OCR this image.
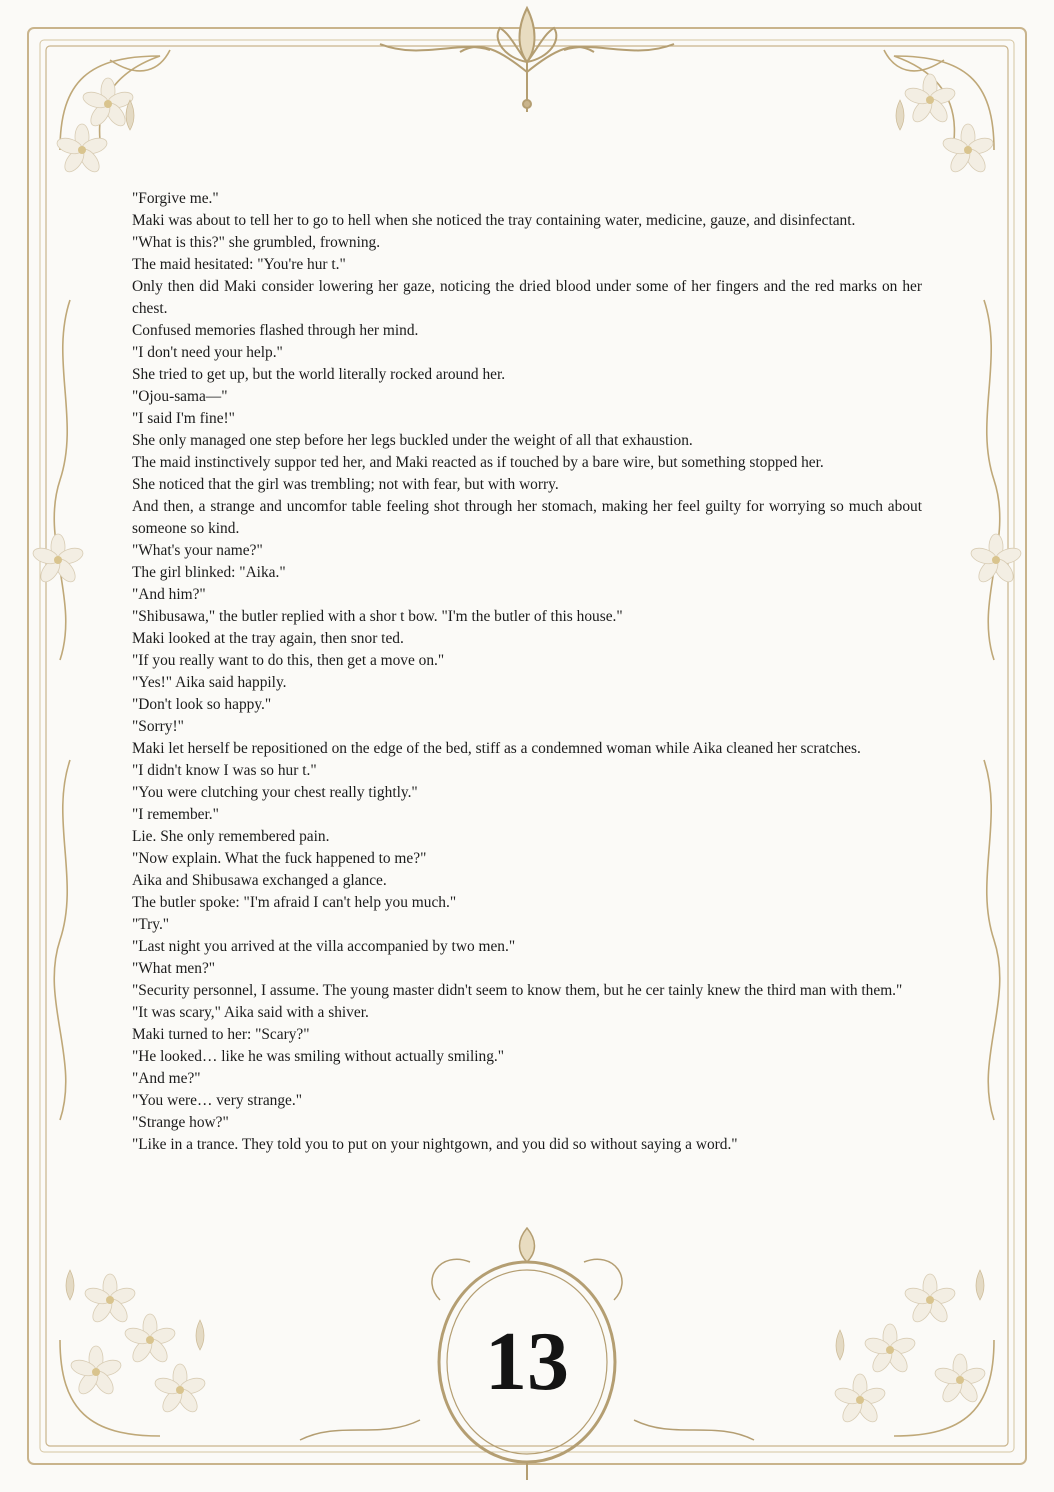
"Forgive me."

Maki was about to tell her to go to hell when she noticed the tray containing water, medicine, gauze, and disinfectant.

"What is this?" she grumbled, frowning.

The maid hesitated: "You're hur t."

Only then did Maki consider lowering her gaze, noticing the dried blood under some of her fingers and the red marks on her chest.

Confused memories flashed through her mind.

"I don't need your help."

She tried to get up, but the world literally rocked around her.

"Ojou-sama—"

"I said I'm fine!"

She only managed one step before her legs buckled under the weight of all that exhaustion.

The maid instinctively suppor ted her, and Maki reacted as if touched by a bare wire, but something stopped her.

She noticed that the girl was trembling; not with fear, but with worry.

And then, a strange and uncomfor table feeling shot through her stomach, making her feel guilty for worrying so much about someone so kind.

"What's your name?"

The girl blinked: "Aika."

"And him?"

"Shibusawa," the butler replied with a shor t bow. "I'm the butler of this house."

Maki looked at the tray again, then snor ted.

"If you really want to do this, then get a move on."

"Yes!" Aika said happily.

"Don't look so happy."

"Sorry!"

Maki let herself be repositioned on the edge of the bed, stiff as a condemned woman while Aika cleaned her scratches.

"I didn't know I was so hur t."

"You were clutching your chest really tightly."

"I remember."

Lie. She only remembered pain.

"Now explain. What the fuck happened to me?"

Aika and Shibusawa exchanged a glance.

The butler spoke: "I'm afraid I can't help you much."

"Try."

"Last night you arrived at the villa accompanied by two men."

"What men?"

"Security personnel, I assume. The young master didn't seem to know them, but he cer tainly knew the third man with them."

"It was scary," Aika said with a shiver.

Maki turned to her: "Scary?"

"He looked… like he was smiling without actually smiling."

"And me?"

"You were… very strange."

"Strange how?"

"Like in a trance. They told you to put on your nightgown, and you did so without saying a word."

13
